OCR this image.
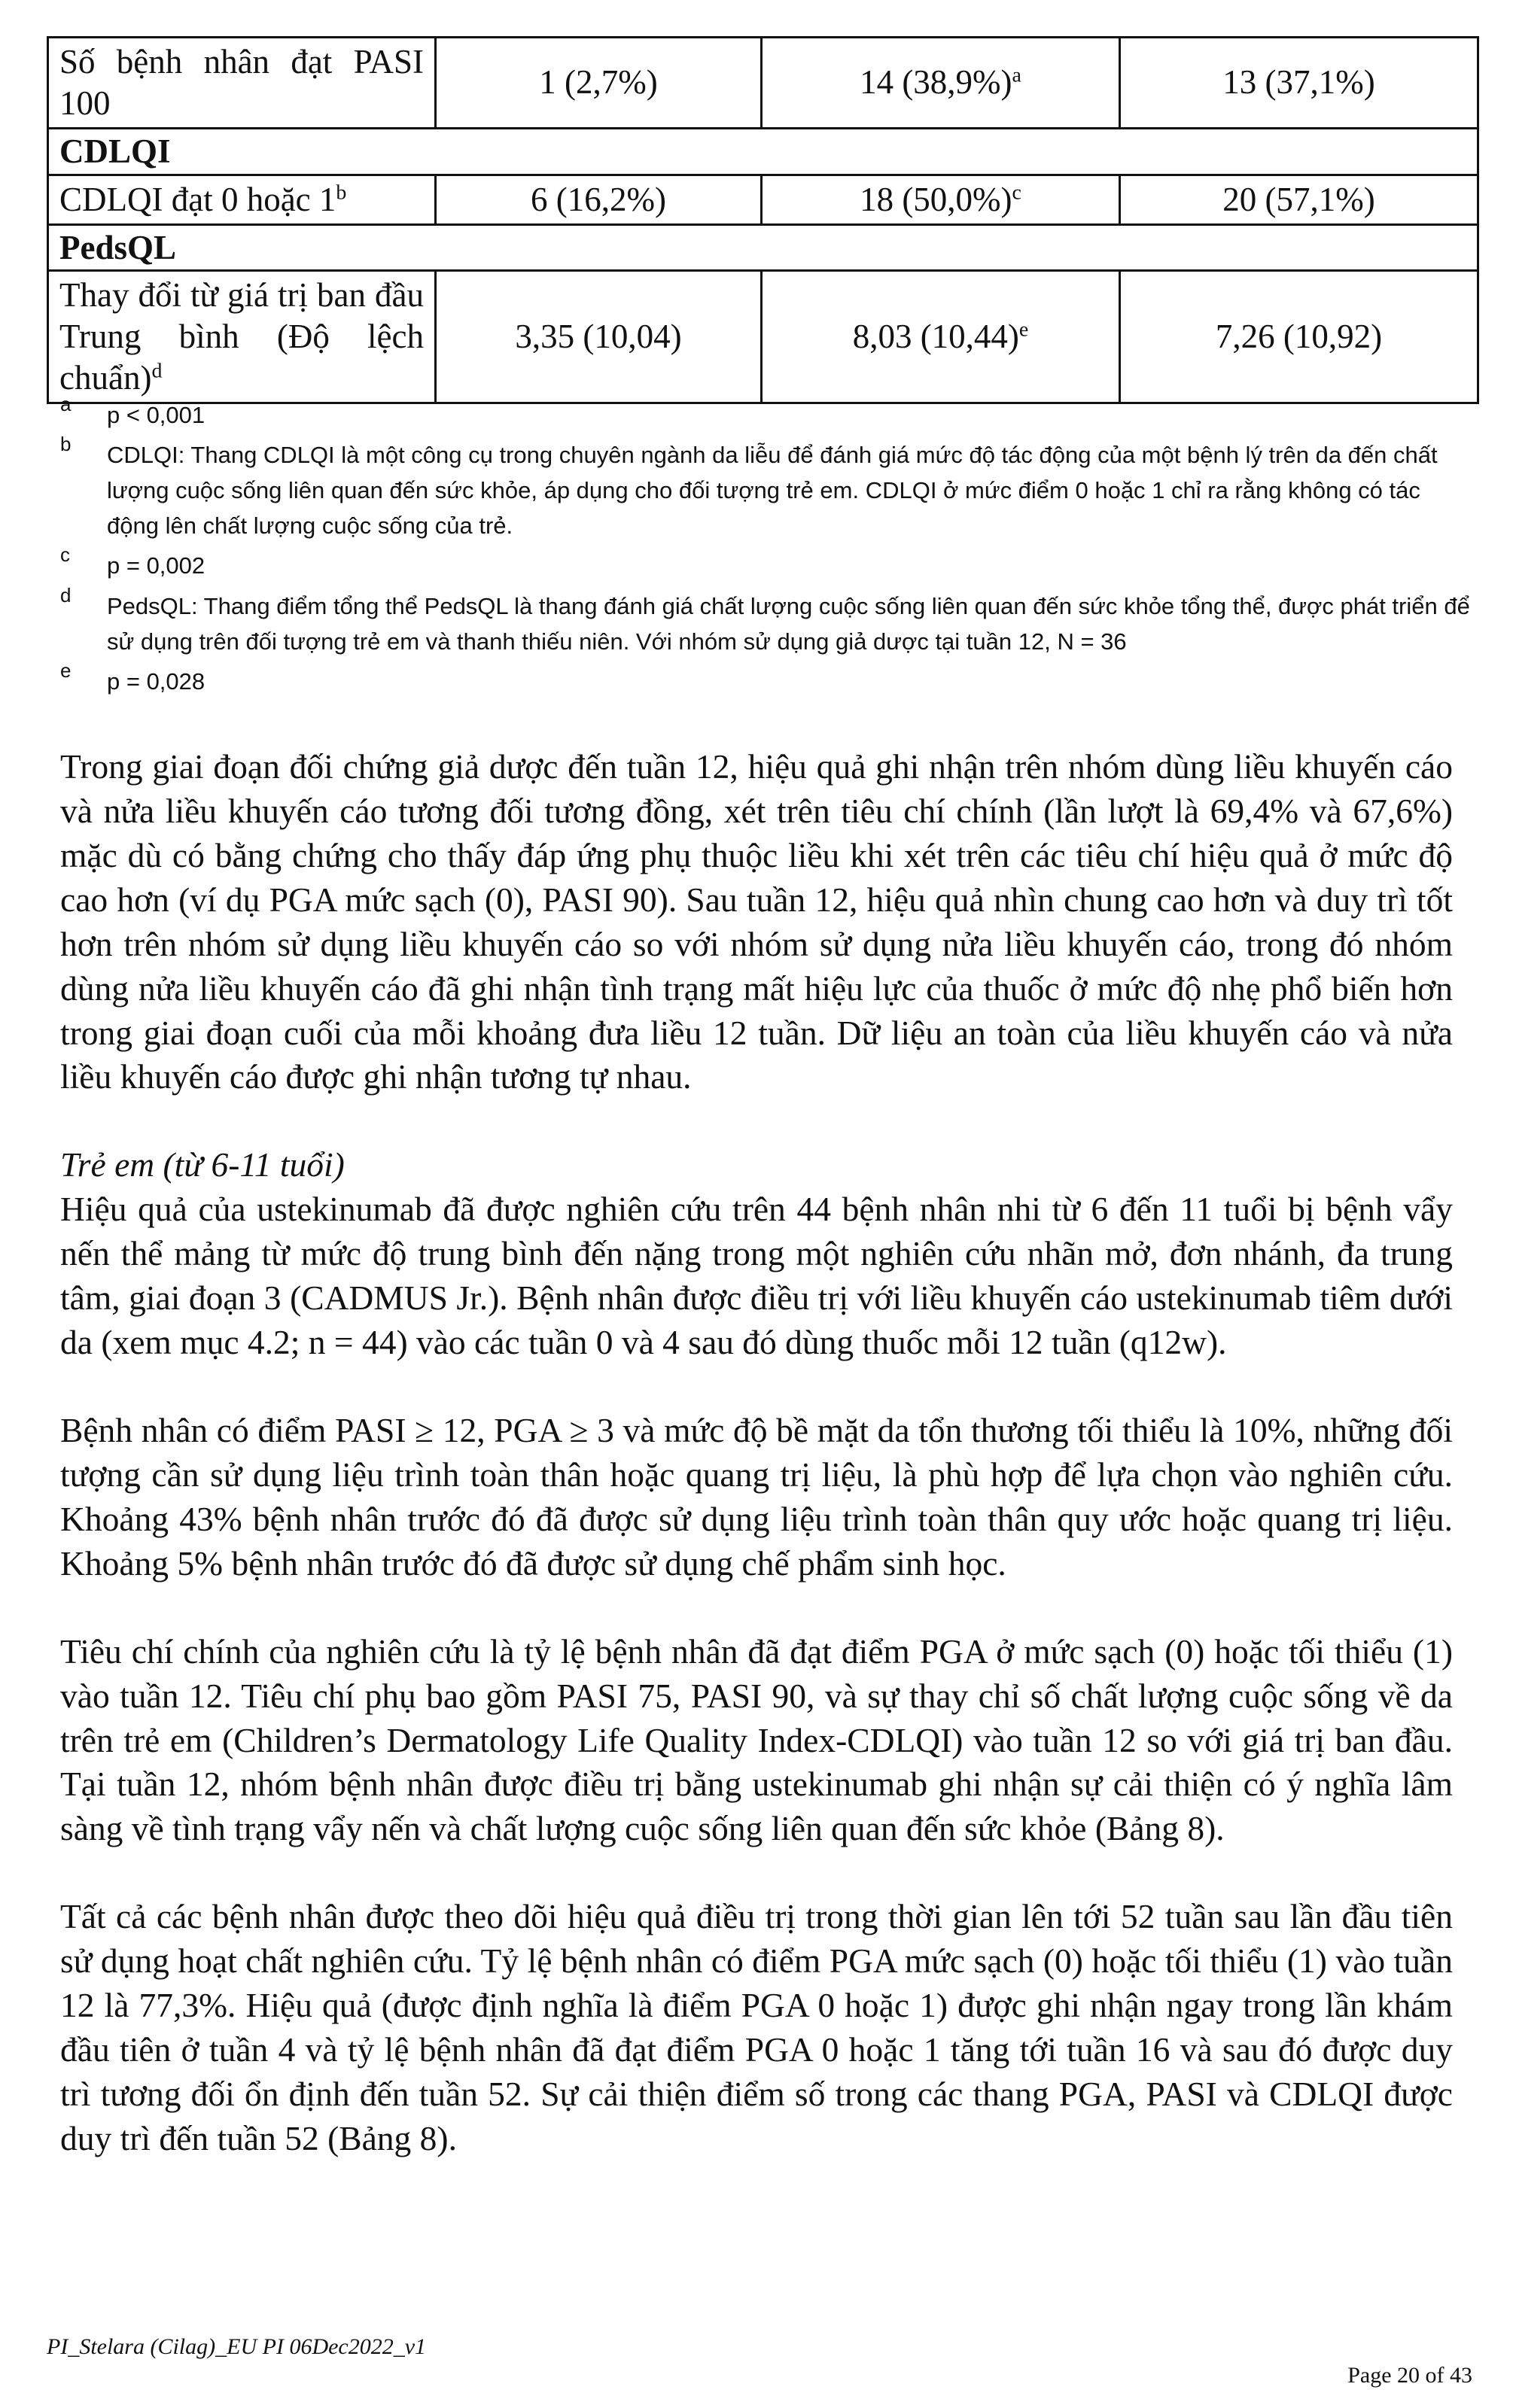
Số bệnh nhân đạt PASI 100	1 (2,7%)	14 $(38,9\%)^a$	13 (37,1%)
CDLQI			
CDLQI đạt 0 hoặc 1$^b$	6 (16,2%)	18 $(50,0\%)^c$	20 (57,1%)
PedsQL			
Thay đổi từ giá trị ban đầu Trung bình (Độ lệch chuẩn)$^d$	3,35 (10,04)	8,03 $(10,44)^e$	7,26 (10,92)
a p < 0,001
b CDLQI: Thang CDLQI là một công cụ trong chuyên ngành da liễu để đánh giá mức độ tác động của một bệnh lý trên da đến chất lượng cuộc sống liên quan đến sức khỏe, áp dụng cho đối tượng trẻ em. CDLQI ở mức điểm 0 hoặc 1 chỉ ra rằng không có tác động lên chất lượng cuộc sống của trẻ.
c p = 0,002
d PedsQL: Thang điểm tổng thể PedsQL là thang đánh giá chất lượng cuộc sống liên quan đến sức khỏe tổng thể, được phát triển để sử dụng trên đối tượng trẻ em và thanh thiếu niên. Với nhóm sử dụng giả dược tại tuần 12, N = 36
e p = 0,028

Trong giai đoạn đối chứng giả dược đến tuần 12, hiệu quả ghi nhận trên nhóm dùng liều khuyến cáo và nửa liều khuyến cáo tương đối tương đồng, xét trên tiêu chí chính (lần lượt là 69,4% và 67,6%) mặc dù có bằng chứng cho thấy đáp ứng phụ thuộc liều khi xét trên các tiêu chí hiệu quả ở mức độ cao hơn (ví dụ PGA mức sạch (0), PASI 90). Sau tuần 12, hiệu quả nhìn chung cao hơn và duy trì tốt hơn trên nhóm sử dụng liều khuyến cáo so với nhóm sử dụng nửa liều khuyến cáo, trong đó nhóm dùng nửa liều khuyến cáo đã ghi nhận tình trạng mất hiệu lực của thuốc ở mức độ nhẹ phổ biến hơn trong giai đoạn cuối của mỗi khoảng đưa liều 12 tuần. Dữ liệu an toàn của liều khuyến cáo và nửa liều khuyến cáo được ghi nhận tương tự nhau.

Trẻ em (từ 6-11 tuổi)

Hiệu quả của ustekinumab đã được nghiên cứu trên 44 bệnh nhân nhi từ 6 đến 11 tuổi bị bệnh vẩy nến thể mảng từ mức độ trung bình đến nặng trong một nghiên cứu nhãn mở, đơn nhánh, đa trung tâm, giai đoạn 3 (CADMUS Jr.). Bệnh nhân được điều trị với liều khuyến cáo ustekinumab tiêm dưới da (xem mục 4.2; n = 44) vào các tuần 0 và 4 sau đó dùng thuốc mỗi 12 tuần (q12w).

Bệnh nhân có điểm PASI ≥ 12, PGA ≥ 3 và mức độ bề mặt da tổn thương tối thiểu là 10%, những đối tượng cần sử dụng liệu trình toàn thân hoặc quang trị liệu, là phù hợp để lựa chọn vào nghiên cứu. Khoảng 43% bệnh nhân trước đó đã được sử dụng liệu trình toàn thân quy ước hoặc quang trị liệu. Khoảng 5% bệnh nhân trước đó đã được sử dụng chế phẩm sinh học.

Tiêu chí chính của nghiên cứu là tỷ lệ bệnh nhân đã đạt điểm PGA ở mức sạch (0) hoặc tối thiểu (1) vào tuần 12. Tiêu chí phụ bao gồm PASI 75, PASI 90, và sự thay chỉ số chất lượng cuộc sống về da trên trẻ em (Children’s Dermatology Life Quality Index-CDLQI) vào tuần 12 so với giá trị ban đầu. Tại tuần 12, nhóm bệnh nhân được điều trị bằng ustekinumab ghi nhận sự cải thiện có ý nghĩa lâm sàng về tình trạng vẩy nến và chất lượng cuộc sống liên quan đến sức khỏe (Bảng 8).

Tất cả các bệnh nhân được theo dõi hiệu quả điều trị trong thời gian lên tới 52 tuần sau lần đầu tiên sử dụng hoạt chất nghiên cứu. Tỷ lệ bệnh nhân có điểm PGA mức sạch (0) hoặc tối thiểu (1) vào tuần 12 là 77,3%. Hiệu quả (được định nghĩa là điểm PGA 0 hoặc 1) được ghi nhận ngay trong lần khám đầu tiên ở tuần 4 và tỷ lệ bệnh nhân đã đạt điểm PGA 0 hoặc 1 tăng tới tuần 16 và sau đó được duy trì tương đối ổn định đến tuần 52. Sự cải thiện điểm số trong các thang PGA, PASI và CDLQI được duy trì đến tuần 52 (Bảng 8).

PI_Stelara (Cilag)_EU PI 06Dec2022_v1
Page 20 of 43
